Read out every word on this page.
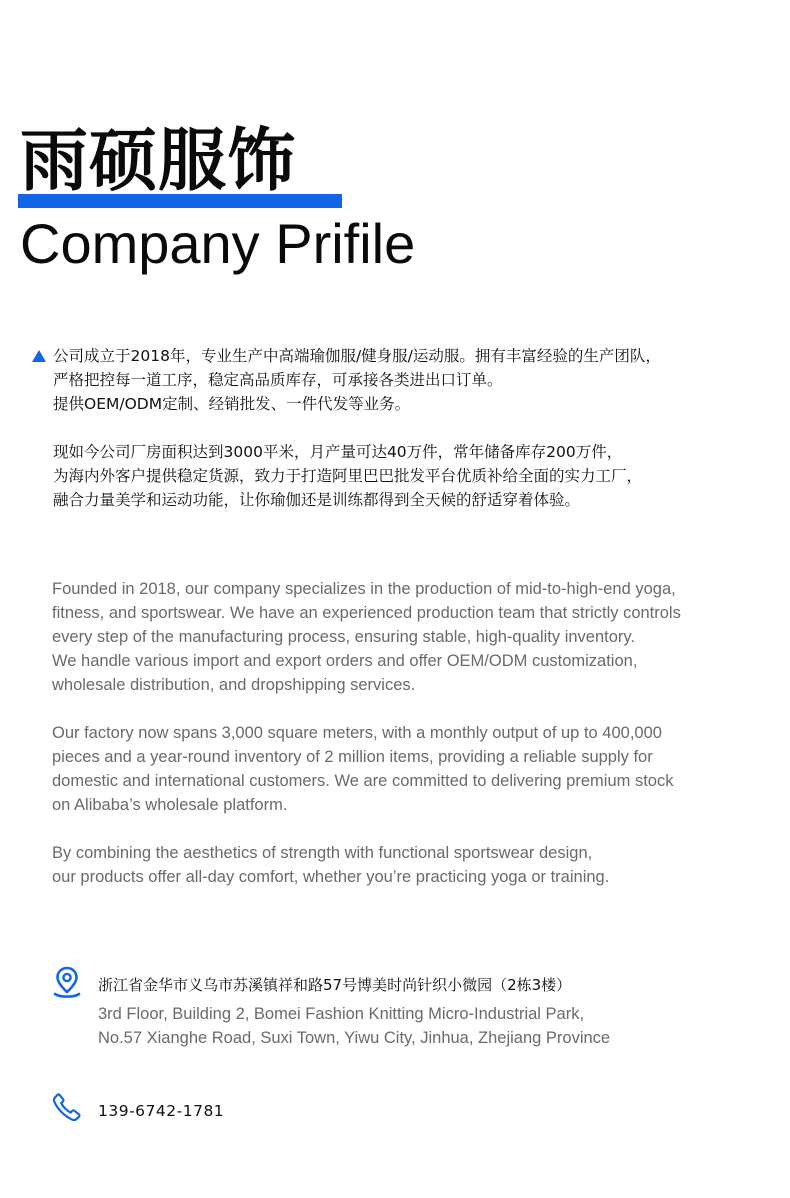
雨硕服饰
Company Prifile
公司成立于2018年，专业生产中高端瑜伽服/健身服/运动服。拥有丰富经验的生产团队，
严格把控每一道工序，稳定高品质库存，可承接各类进出口订单。
提供OEM/ODM定制、经销批发、一件代发等业务。
现如今公司厂房面积达到3000平米，月产量可达40万件，常年储备库存200万件，
为海内外客户提供稳定货源，致力于打造阿里巴巴批发平台优质补给全面的实力工厂，
融合力量美学和运动功能，让你瑜伽还是训练都得到全天候的舒适穿着体验。
Founded in 2018, our company specializes in the production of mid-to-high-end yoga,
fitness, and sportswear. We have an experienced production team that strictly controls
every step of the manufacturing process, ensuring stable, high-quality inventory.
We handle various import and export orders and offer OEM/ODM customization,
wholesale distribution, and dropshipping services.
Our factory now spans 3,000 square meters, with a monthly output of up to 400,000
pieces and a year-round inventory of 2 million items, providing a reliable supply for
domestic and international customers. We are committed to delivering premium stock
on Alibaba’s wholesale platform.
By combining the aesthetics of strength with functional sportswear design,
our products offer all-day comfort, whether you’re practicing yoga or training.
浙江省金华市义乌市苏溪镇祥和路57号博美时尚针织小微园（2栋3楼）
3rd Floor, Building 2, Bomei Fashion Knitting Micro-Industrial Park,
No.57 Xianghe Road, Suxi Town, Yiwu City, Jinhua, Zhejiang Province
139-6742-1781
